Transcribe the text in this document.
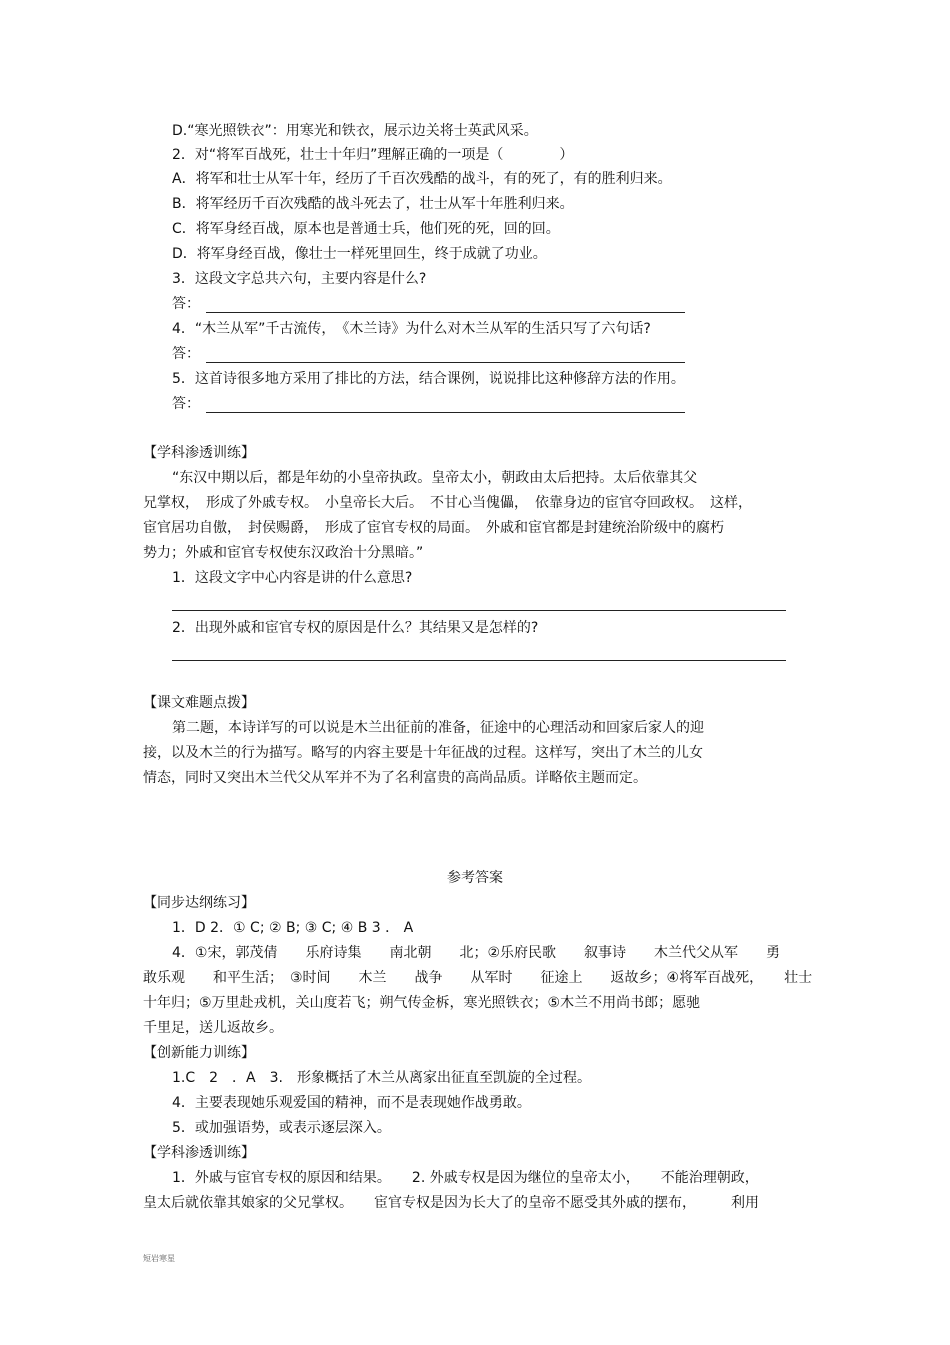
D.“寒光照铁衣”：用寒光和铁衣，展示边关将士英武风采。
2．对“将军百战死，壮士十年归”理解正确的一项是（　　　　）
A．将军和壮士从军十年，经历了千百次残酷的战斗，有的死了，有的胜利归来。
B．将军经历千百次残酷的战斗死去了，壮士从军十年胜利归来。
C．将军身经百战，原本也是普通士兵，他们死的死，回的回。
D．将军身经百战，像壮士一样死里回生，终于成就了功业。
3．这段文字总共六句，主要内容是什么?
答：
4．“木兰从军”千古流传，　《木兰诗》为什么对木兰从军的生活只写了六句话?
答：
5．这首诗很多地方采用了排比的方法，结合课例，说说排比这种修辞方法的作用。
答：
【学科渗透训练】
“东汉中期以后，都是年幼的小皇帝执政。皇帝太小，朝政由太后把持。太后依靠其父
兄掌权，　形成了外戚专权。　小皇帝长大后。　不甘心当傀儡，　依靠身边的宦官夺回政权。　这样，
宦官居功自傲，　封侯赐爵，　形成了宦官专权的局面。　外戚和宦官都是封建统治阶级中的腐朽
势力；外戚和宦官专权使东汉政治十分黑暗。”
1．这段文字中心内容是讲的什么意思?
2．出现外戚和宦官专权的原因是什么？其结果又是怎样的?
【课文难题点拨】
第二题，本诗详写的可以说是木兰出征前的准备，征途中的心理活动和回家后家人的迎
接，以及木兰的行为描写。略写的内容主要是十年征战的过程。这样写，突出了木兰的儿女
情态，同时又突出木兰代父从军并不为了名利富贵的高尚品质。详略依主题而定。
参考答案
【同步达纲练习】
1．D 2．① C; ② B; ③ C; ④ B 3 ． A
4．①宋，郭茂倩　　乐府诗集　　南北朝　　北；②乐府民歌　　叙事诗　　木兰代父从军　　勇
敢乐观　　和平生活；　③时间　　木兰　　战争　　从军时　　征途上　　返故乡；④将军百战死，　　壮士
十年归；⑤万里赴戎机，关山度若飞；朔气传金柝，寒光照铁衣；⑤木兰不用尚书郎；愿驰
千里足，送儿返故乡。
【创新能力训练】
1.C　2　．A　3.　形象概括了木兰从离家出征直至凯旋的全过程。
4．主要表现她乐观爱国的精神，而不是表现她作战勇敢。
5．或加强语势，或表示逐层深入。
【学科渗透训练】
1．外戚与宦官专权的原因和结果。　　2. 外戚专权是因为继位的皇帝太小，　　不能治理朝政，
皇太后就依靠其娘家的父兄掌权。　　宦官专权是因为长大了的皇帝不愿受其外戚的摆布，　　　利用
短岩寒星
